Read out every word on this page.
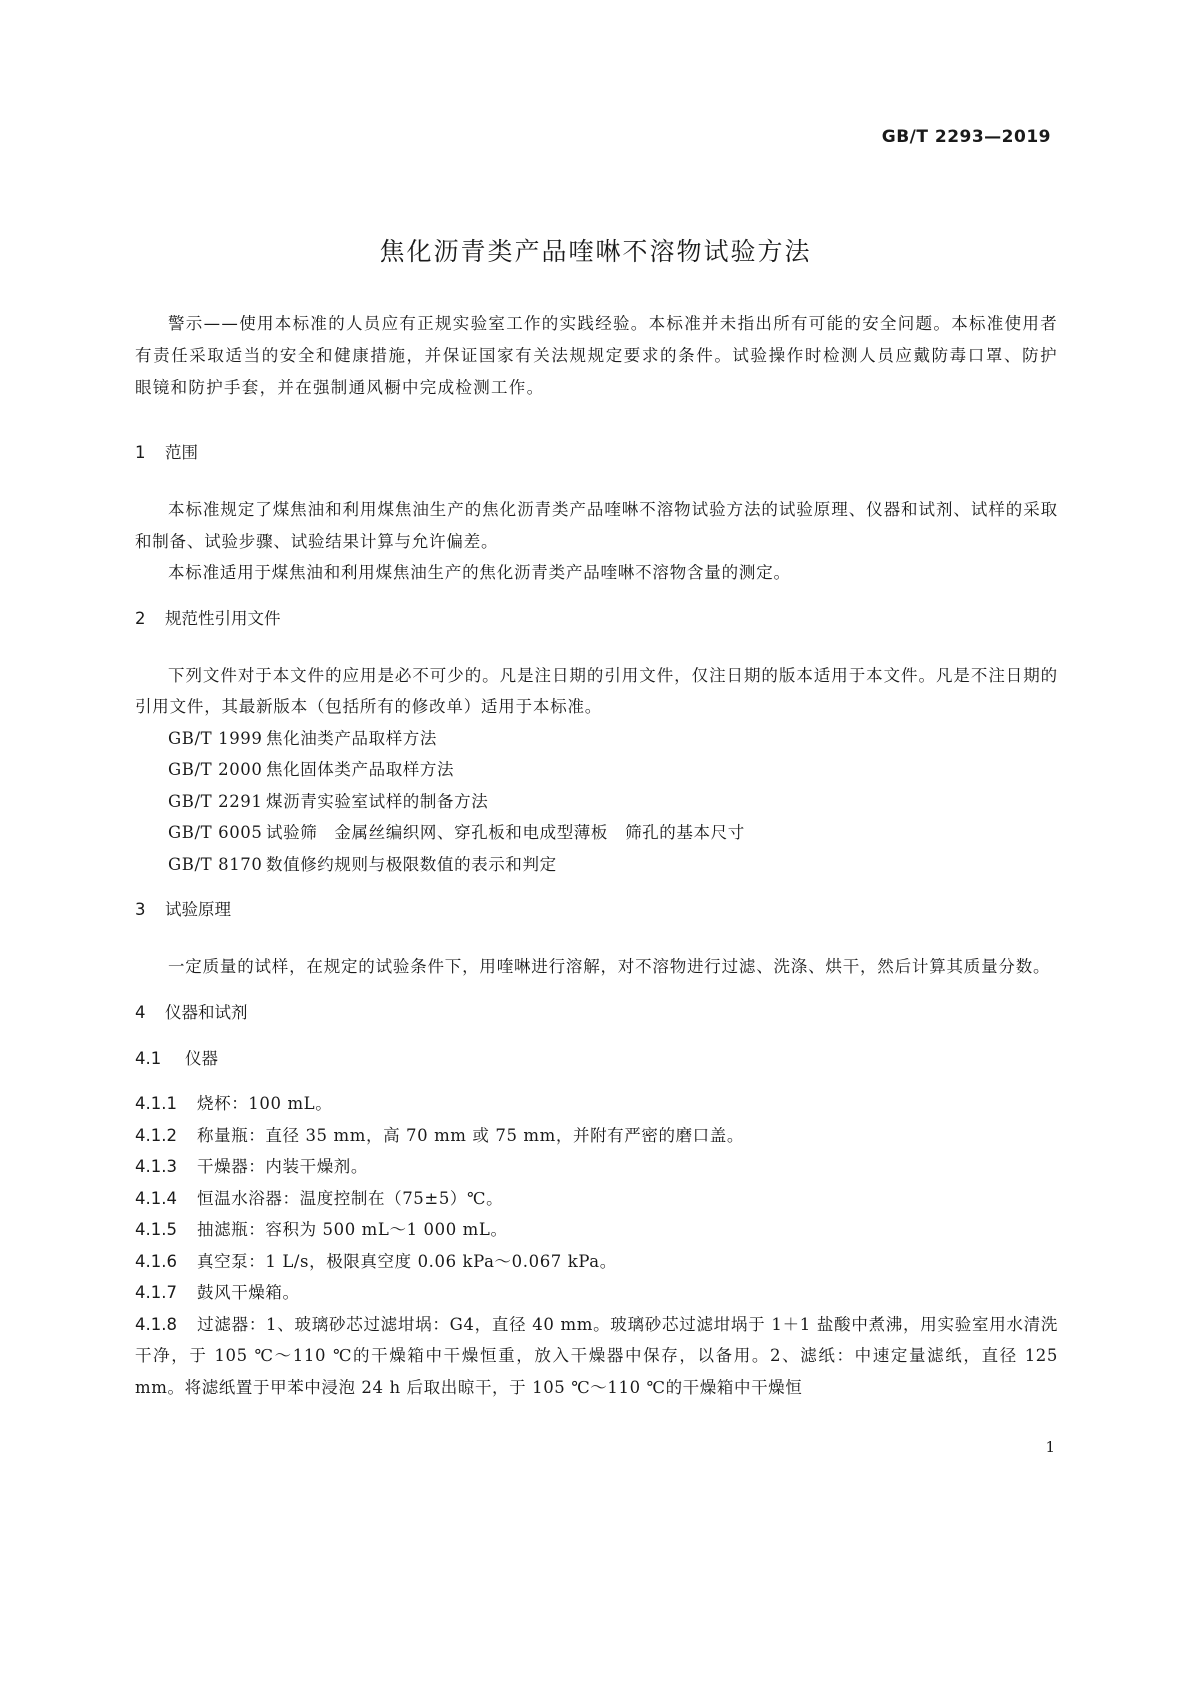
GB/T 2293—2019
焦化沥青类产品喹啉不溶物试验方法

警示——使用本标准的人员应有正规实验室工作的实践经验。本标准并未指出所有可能的安全问题。本标准使用者有责任采取适当的安全和健康措施，并保证国家有关法规规定要求的条件。试验操作时检测人员应戴防毒口罩、防护眼镜和防护手套，并在强制通风橱中完成检测工作。

1 范围

本标准规定了煤焦油和利用煤焦油生产的焦化沥青类产品喹啉不溶物试验方法的试验原理、仪器和试剂、试样的采取和制备、试验步骤、试验结果计算与允许偏差。

本标准适用于煤焦油和利用煤焦油生产的焦化沥青类产品喹啉不溶物含量的测定。

2 规范性引用文件

下列文件对于本文件的应用是必不可少的。凡是注日期的引用文件，仅注日期的版本适用于本文件。凡是不注日期的引用文件，其最新版本（包括所有的修改单）适用于本标准。

GB/T 1999 焦化油类产品取样方法
GB/T 2000 焦化固体类产品取样方法
GB/T 2291 煤沥青实验室试样的制备方法
GB/T 6005 试验筛　金属丝编织网、穿孔板和电成型薄板　筛孔的基本尺寸
GB/T 8170 数值修约规则与极限数值的表示和判定
3 试验原理

一定质量的试样，在规定的试验条件下，用喹啉进行溶解，对不溶物进行过滤、洗涤、烘干，然后计算其质量分数。

4 仪器和试剂
4.1 仪器

4.1.1 烧杯：100 mL。

4.1.2 称量瓶：直径 35 mm，高 70 mm 或 75 mm，并附有严密的磨口盖。

4.1.3 干燥器：内装干燥剂。

4.1.4 恒温水浴器：温度控制在（75±5）℃。

4.1.5 抽滤瓶：容积为 500 mL～1 000 mL。

4.1.6 真空泵：1 L/s，极限真空度 0.06 kPa～0.067 kPa。

4.1.7 鼓风干燥箱。

4.1.8 过滤器：1、玻璃砂芯过滤坩埚：G4，直径 40 mm。玻璃砂芯过滤坩埚于 1＋1 盐酸中煮沸，用实验室用水清洗干净，于 105 ℃～110 ℃的干燥箱中干燥恒重，放入干燥器中保存，以备用。2、滤纸：中速定量滤纸，直径 125 mm。将滤纸置于甲苯中浸泡 24 h 后取出晾干，于 105 ℃～110 ℃的干燥箱中干燥恒

1
